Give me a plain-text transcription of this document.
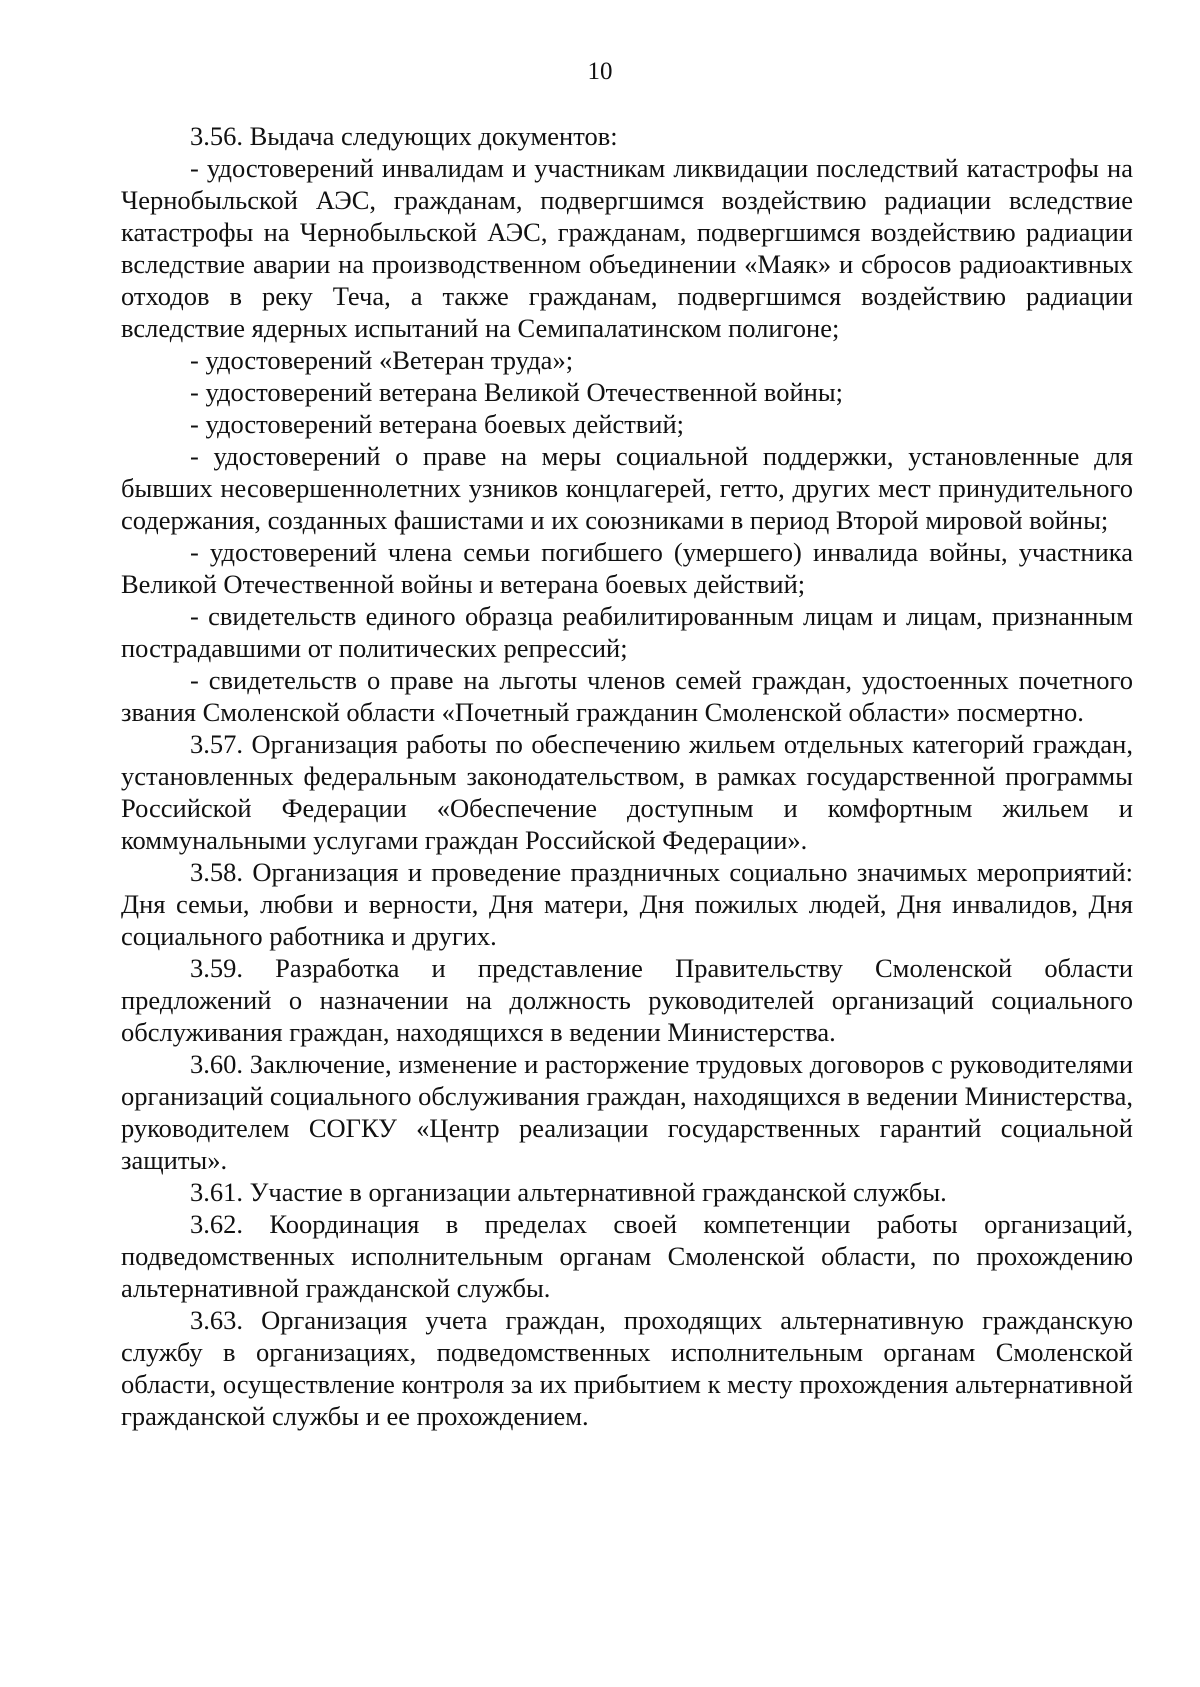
10

3.56. Выдача следующих документов:

- удостоверений инвалидам и участникам ликвидации последствий катастрофы на Чернобыльской АЭС, гражданам, подвергшимся воздействию радиации вследствие катастрофы на Чернобыльской АЭС, гражданам, подвергшимся воздействию радиации вследствие аварии на производственном объединении «Маяк» и сбросов радиоактивных отходов в реку Теча, а также гражданам, подвергшимся воздействию радиации вследствие ядерных испытаний на Семипалатинском полигоне;

- удостоверений «Ветеран труда»;

- удостоверений ветерана Великой Отечественной войны;

- удостоверений ветерана боевых действий;

- удостоверений о праве на меры социальной поддержки, установленные для бывших несовершеннолетних узников концлагерей, гетто, других мест принудительного содержания, созданных фашистами и их союзниками в период Второй мировой войны;

- удостоверений члена семьи погибшего (умершего) инвалида войны, участника Великой Отечественной войны и ветерана боевых действий;

- свидетельств единого образца реабилитированным лицам и лицам, признанным пострадавшими от политических репрессий;

- свидетельств о праве на льготы членов семей граждан, удостоенных почетного звания Смоленской области «Почетный гражданин Смоленской области» посмертно.

3.57. Организация работы по обеспечению жильем отдельных категорий граждан, установленных федеральным законодательством, в рамках государственной программы Российской Федерации «Обеспечение доступным и комфортным жильем и коммунальными услугами граждан Российской Федерации».

3.58. Организация и проведение праздничных социально значимых мероприятий: Дня семьи, любви и верности, Дня матери, Дня пожилых людей, Дня инвалидов, Дня социального работника и других.

3.59. Разработка и представление Правительству Смоленской области предложений о назначении на должность руководителей организаций социального обслуживания граждан, находящихся в ведении Министерства.

3.60. Заключение, изменение и расторжение трудовых договоров с руководителями организаций социального обслуживания граждан, находящихся в ведении Министерства, руководителем СОГКУ «Центр реализации государственных гарантий социальной защиты».

3.61. Участие в организации альтернативной гражданской службы.

3.62. Координация в пределах своей компетенции работы организаций, подведомственных исполнительным органам Смоленской области, по прохождению альтернативной гражданской службы.

3.63. Организация учета граждан, проходящих альтернативную гражданскую службу в организациях, подведомственных исполнительным органам Смоленской области, осуществление контроля за их прибытием к месту прохождения альтернативной гражданской службы и ее прохождением.
